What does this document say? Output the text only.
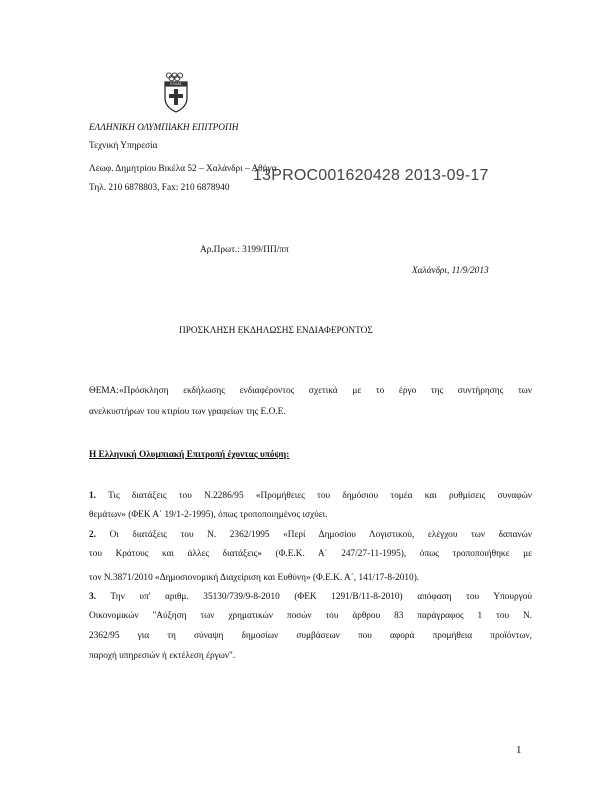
ΕΛΛΑΣ
ΕΛΛΗΝΙΚΗ ΟΛΥΜΠΙΑΚΗ ΕΠΙΤΡΟΠΗ
Τεχνική Υπηρεσία
Λεωφ. Δημητρίου Βικέλα 52 – Χαλάνδρι – Αθήνα
Τηλ. 210 6878803, Fax: 210 6878940
13PROC001620428 2013-09-17
Αρ.Πρωτ.: 3199/ΠΠ/ππ
Χαλάνδρι, 11/9/2013
ΠΡΟΣΚΛΗΣΗ ΕΚΔΗΛΩΣΗΣ ΕΝΔΙΑΦΕΡΟΝΤΟΣ
ΘΕΜΑ:«Πρόσκληση εκδήλωσης ενδιαφέροντος σχετικά με το έργο της συντήρησης των
ανελκυστήρων του κτιρίου των γραφείων της Ε.Ο.Ε.
Η Ελληνική Ολυμπιακή Επιτροπή έχοντας υπόψη:
1. Τις διατάξεις του Ν.2286/95 «Προμήθειες του δημόσιου τομέα και ρυθμίσεις συναφών
θεμάτων» (ΦΕΚ Α΄ 19/1-2-1995), όπως τροποποιημένος ισχύει.
2. Οι διατάξεις του Ν. 2362/1995 «Περί Δημοσίου Λογιστικού, ελέγχου των δαπανών
του Κράτους και άλλες διατάξεις» (Φ.Ε.Κ. Α΄ 247/27-11-1995), όπως τροποποιήθηκε με
τον Ν.3871/2010 «Δημοσιονομική Διαχείριση και Ευθύνη» (Φ.Ε.Κ. Α΄, 141/17-8-2010).
3. Την υπ' αριθμ. 35130/739/9-8-2010 (ΦΕΚ 1291/Β/11-8-2010) απόφαση του Υπουργού
Οικονομικών "Αύξηση των χρηματικών ποσών του άρθρου 83 παράγραφος 1 του Ν.
2362/95 για τη σύναψη δημοσίων συμβάσεων που αφορά προμήθεια προϊόντων,
παροχή υπηρεσιών ή εκτέλεση έργων".
1
